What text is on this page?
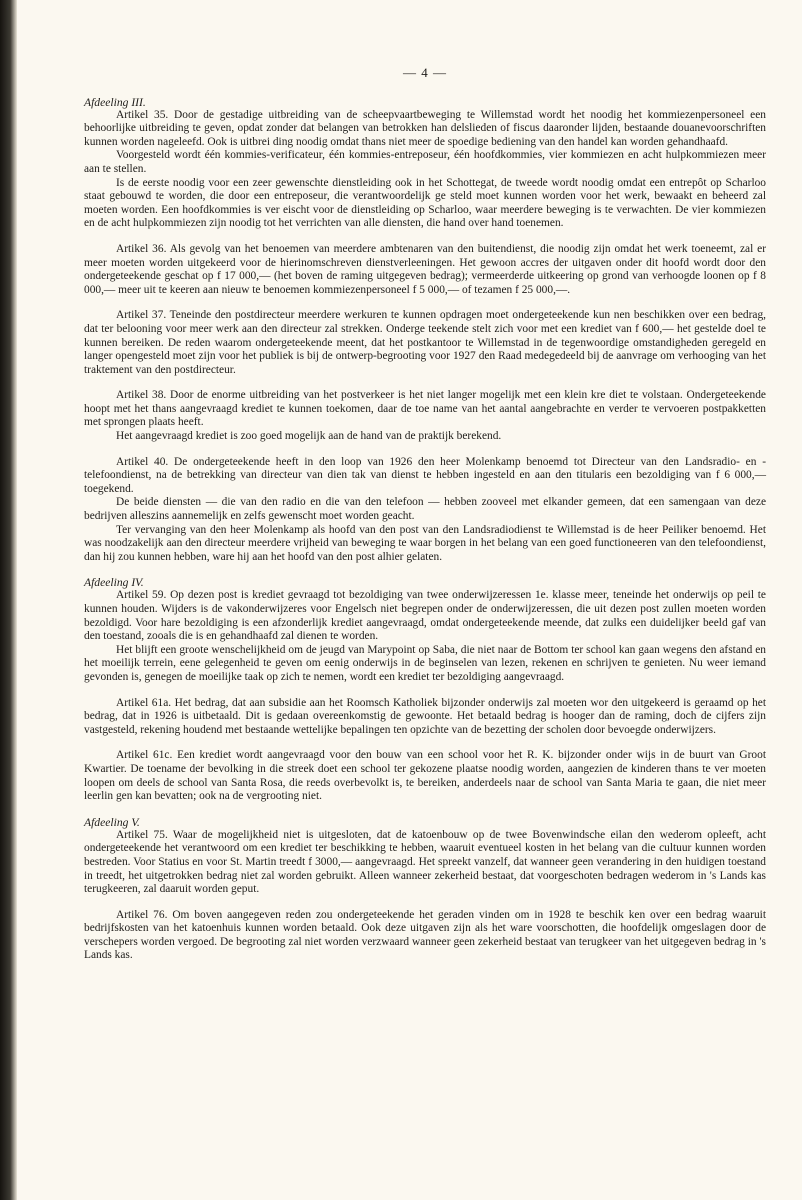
— 4 —
Afdeeling III.

Artikel 35. Door de gestadige uitbreiding van de scheepvaartbeweging te Willemstad wordt het noodig het kommiezenpersoneel een behoorlijke uitbreiding te geven, opdat zonder dat belangen van betrokken han delslieden of fiscus daaronder lijden, bestaande douanevoorschriften kunnen worden nageleefd. Ook is uitbrei ding noodig omdat thans niet meer de spoedige bediening van den handel kan worden gehandhaafd.

Voorgesteld wordt één kommies-verificateur, één kommies-entreposeur, één hoofdkommies, vier kommiezen en acht hulpkommiezen meer aan te stellen.

Is de eerste noodig voor een zeer gewenschte dienstleiding ook in het Schottegat, de tweede wordt noodig omdat een entrepôt op Scharloo staat gebouwd te worden, die door een entreposeur, die verantwoordelijk ge steld moet kunnen worden voor het werk, bewaakt en beheerd zal moeten worden. Een hoofdkommies is ver eischt voor de dienstleiding op Scharloo, waar meerdere beweging is te verwachten. De vier kommiezen en de acht hulpkommiezen zijn noodig tot het verrichten van alle diensten, die hand over hand toenemen.

Artikel 36. Als gevolg van het benoemen van meerdere ambtenaren van den buitendienst, die noodig zijn omdat het werk toeneemt, zal er meer moeten worden uitgekeerd voor de hierinomschreven dienstverleeningen. Het gewoon accres der uitgaven onder dit hoofd wordt door den ondergeteekende geschat op f 17 000,— (het boven de raming uitgegeven bedrag); vermeerderde uitkeering op grond van verhoogde loonen op f 8 000,— meer uit te keeren aan nieuw te benoemen kommiezenpersoneel f 5 000,— of tezamen f 25 000,—.

Artikel 37. Teneinde den postdirecteur meerdere werkuren te kunnen opdragen moet ondergeteekende kun nen beschikken over een bedrag, dat ter belooning voor meer werk aan den directeur zal strekken. Onderge teekende stelt zich voor met een krediet van f 600,— het gestelde doel te kunnen bereiken. De reden waarom ondergeteekende meent, dat het postkantoor te Willemstad in de tegenwoordige omstandigheden geregeld en langer opengesteld moet zijn voor het publiek is bij de ontwerp-begrooting voor 1927 den Raad medegedeeld bij de aanvrage om verhooging van het traktement van den postdirecteur.

Artikel 38. Door de enorme uitbreiding van het postverkeer is het niet langer mogelijk met een klein kre diet te volstaan. Ondergeteekende hoopt met het thans aangevraagd krediet te kunnen toekomen, daar de toe name van het aantal aangebrachte en verder te vervoeren postpakketten met sprongen plaats heeft.

Het aangevraagd krediet is zoo goed mogelijk aan de hand van de praktijk berekend.

Artikel 40. De ondergeteekende heeft in den loop van 1926 den heer Molenkamp benoemd tot Directeur van den Landsradio- en -telefoondienst, na de betrekking van directeur van dien tak van dienst te hebben ingesteld en aan den titularis een bezoldiging van f 6 000,— toegekend.

De beide diensten — die van den radio en die van den telefoon — hebben zooveel met elkander gemeen, dat een samengaan van deze bedrijven alleszins aannemelijk en zelfs gewenscht moet worden geacht.

Ter vervanging van den heer Molenkamp als hoofd van den post van den Landsradiodienst te Willemstad is de heer Peiliker benoemd. Het was noodzakelijk aan den directeur meerdere vrijheid van beweging te waar borgen in het belang van een goed functioneeren van den telefoondienst, dan hij zou kunnen hebben, ware hij aan het hoofd van den post alhier gelaten.

Afdeeling IV.

Artikel 59. Op dezen post is krediet gevraagd tot bezoldiging van twee onderwijzeressen 1e. klasse meer, teneinde het onderwijs op peil te kunnen houden. Wijders is de vakonderwijzeres voor Engelsch niet begrepen onder de onderwijzeressen, die uit dezen post zullen moeten worden bezoldigd. Voor hare bezoldiging is een afzonderlijk krediet aangevraagd, omdat ondergeteekende meende, dat zulks een duidelijker beeld gaf van den toestand, zooals die is en gehandhaafd zal dienen te worden.

Het blijft een groote wenschelijkheid om de jeugd van Marypoint op Saba, die niet naar de Bottom ter school kan gaan wegens den afstand en het moeilijk terrein, eene gelegenheid te geven om eenig onderwijs in de beginselen van lezen, rekenen en schrijven te genieten. Nu weer iemand gevonden is, genegen de moeilijke taak op zich te nemen, wordt een krediet ter bezoldiging aangevraagd.

Artikel 61a. Het bedrag, dat aan subsidie aan het Roomsch Katholiek bijzonder onderwijs zal moeten wor den uitgekeerd is geraamd op het bedrag, dat in 1926 is uitbetaald. Dit is gedaan overeenkomstig de gewoonte. Het betaald bedrag is hooger dan de raming, doch de cijfers zijn vastgesteld, rekening houdend met bestaande wettelijke bepalingen ten opzichte van de bezetting der scholen door bevoegde onderwijzers.

Artikel 61c. Een krediet wordt aangevraagd voor den bouw van een school voor het R. K. bijzonder onder wijs in de buurt van Groot Kwartier. De toename der bevolking in die streek doet een school ter gekozene plaatse noodig worden, aangezien de kinderen thans te ver moeten loopen om deels de school van Santa Rosa, die reeds overbevolkt is, te bereiken, anderdeels naar de school van Santa Maria te gaan, die niet meer leerlin gen kan bevatten; ook na de vergrooting niet.

Afdeeling V.

Artikel 75. Waar de mogelijkheid niet is uitgesloten, dat de katoenbouw op de twee Bovenwindsche eilan den wederom opleeft, acht ondergeteekende het verantwoord om een krediet ter beschikking te hebben, waaruit eventueel kosten in het belang van die cultuur kunnen worden bestreden. Voor Statius en voor St. Martin treedt f 3000,— aangevraagd. Het spreekt vanzelf, dat wanneer geen verandering in den huidigen toestand in treedt, het uitgetrokken bedrag niet zal worden gebruikt. Alleen wanneer zekerheid bestaat, dat voorgeschoten bedragen wederom in 's Lands kas terugkeeren, zal daaruit worden geput.

Artikel 76. Om boven aangegeven reden zou ondergeteekende het geraden vinden om in 1928 te beschik ken over een bedrag waaruit bedrijfskosten van het katoenhuis kunnen worden betaald. Ook deze uitgaven zijn als het ware voorschotten, die hoofdelijk omgeslagen door de verschepers worden vergoed. De begrooting zal niet worden verzwaard wanneer geen zekerheid bestaat van terugkeer van het uitgegeven bedrag in 's Lands kas.
